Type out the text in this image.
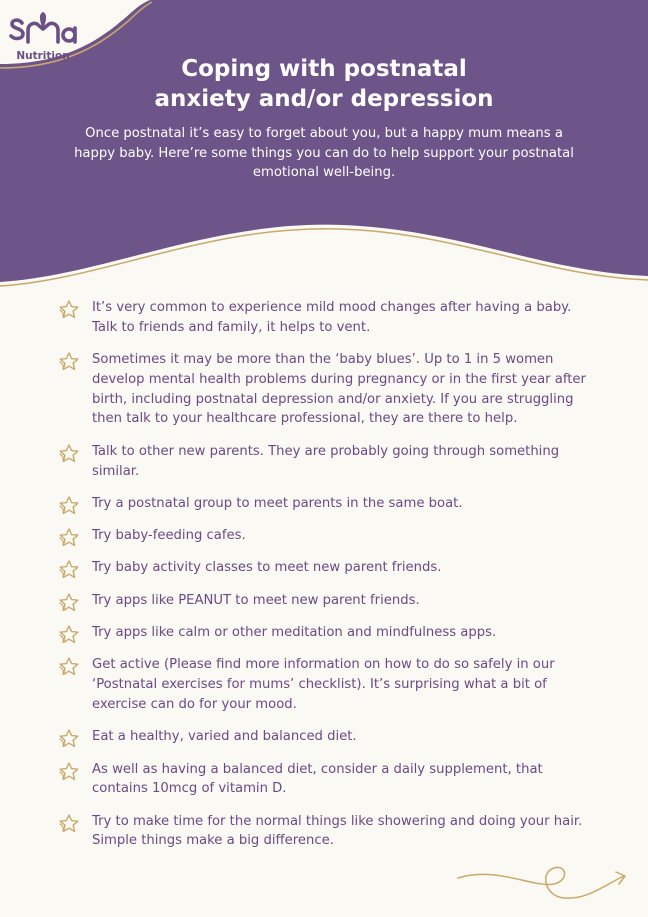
Nutrition	Coping with postnatal
anxiety and/or depression

Once postnatal it’s easy to forget about you, but a happy mum means a happy baby. Here’re some things you can do to help support your postnatal emotional well-being.

It’s very common to experience mild mood changes after having a baby. Talk to friends and family, it helps to vent.

Sometimes it may be more than the ‘baby blues’. Up to 1 in 5 women develop mental health problems during pregnancy or in the first year after birth, including postnatal depression and/or anxiety. If you are struggling then talk to your healthcare professional, they are there to help.

Talk to other new parents. They are probably going through something similar.

Try a postnatal group to meet parents in the same boat.

Try baby-feeding cafes.

Try baby activity classes to meet new parent friends.

Try apps like PEANUT to meet new parent friends.

Try apps like calm or other meditation and mindfulness apps.

Get active (Please find more information on how to do so safely in our ‘Postnatal exercises for mums’ checklist). It’s surprising what a bit of exercise can do for your mood.

Eat a healthy, varied and balanced diet.

As well as having a balanced diet, consider a daily supplement, that contains 10mcg of vitamin D.

Try to make time for the normal things like showering and doing your hair. Simple things make a big difference.
